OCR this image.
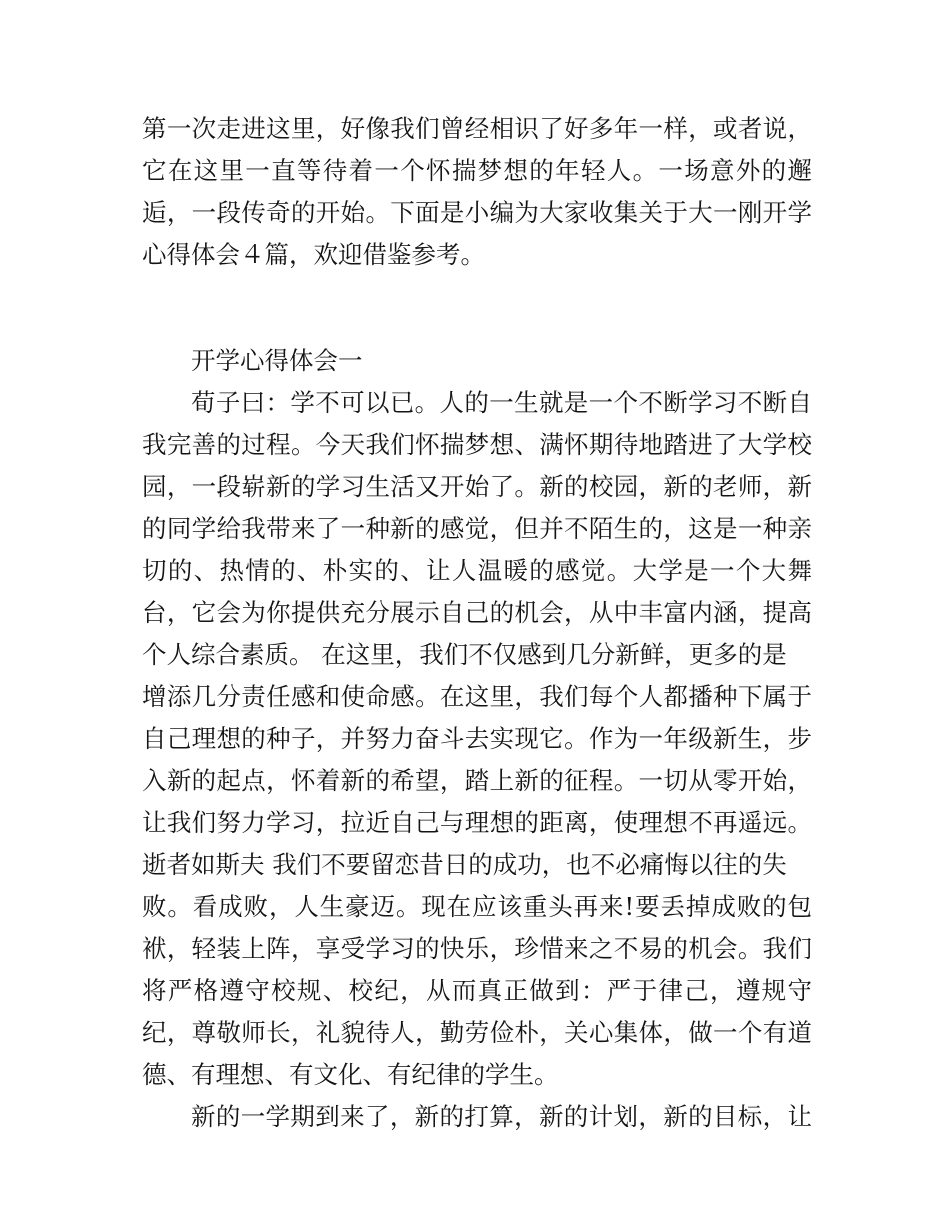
第一次走进这里，好像我们曾经相识了好多年一样，或者说，
它在这里一直等待着一个怀揣梦想的年轻人。一场意外的邂
逅，一段传奇的开始。下面是小编为大家收集关于大一刚开学
心得体会４篇，欢迎借鉴参考。
开学心得体会一
荀子曰：学不可以已。人的一生就是一个不断学习不断自
我完善的过程。今天我们怀揣梦想、满怀期待地踏进了大学校
园，一段崭新的学习生活又开始了。新的校园，新的老师，新
的同学给我带来了一种新的感觉，但并不陌生的，这是一种亲
切的、热情的、朴实的、让人温暖的感觉。大学是一个大舞
台，它会为你提供充分展示自己的机会，从中丰富内涵，提高
个人综合素质。 在这里，我们不仅感到几分新鲜，更多的是
增添几分责任感和使命感。在这里，我们每个人都播种下属于
自己理想的种子，并努力奋斗去实现它。作为一年级新生，步
入新的起点，怀着新的希望，踏上新的征程。一切从零开始，
让我们努力学习，拉近自己与理想的距离，使理想不再遥远。
逝者如斯夫 我们不要留恋昔日的成功，也不必痛悔以往的失
败。看成败，人生豪迈。现在应该重头再来!要丢掉成败的包
袱，轻装上阵，享受学习的快乐，珍惜来之不易的机会。我们
将严格遵守校规、校纪，从而真正做到：严于律己，遵规守
纪，尊敬师长，礼貌待人，勤劳俭朴，关心集体，做一个有道
德、有理想、有文化、有纪律的学生。
新的一学期到来了，新的打算，新的计划，新的目标，让
